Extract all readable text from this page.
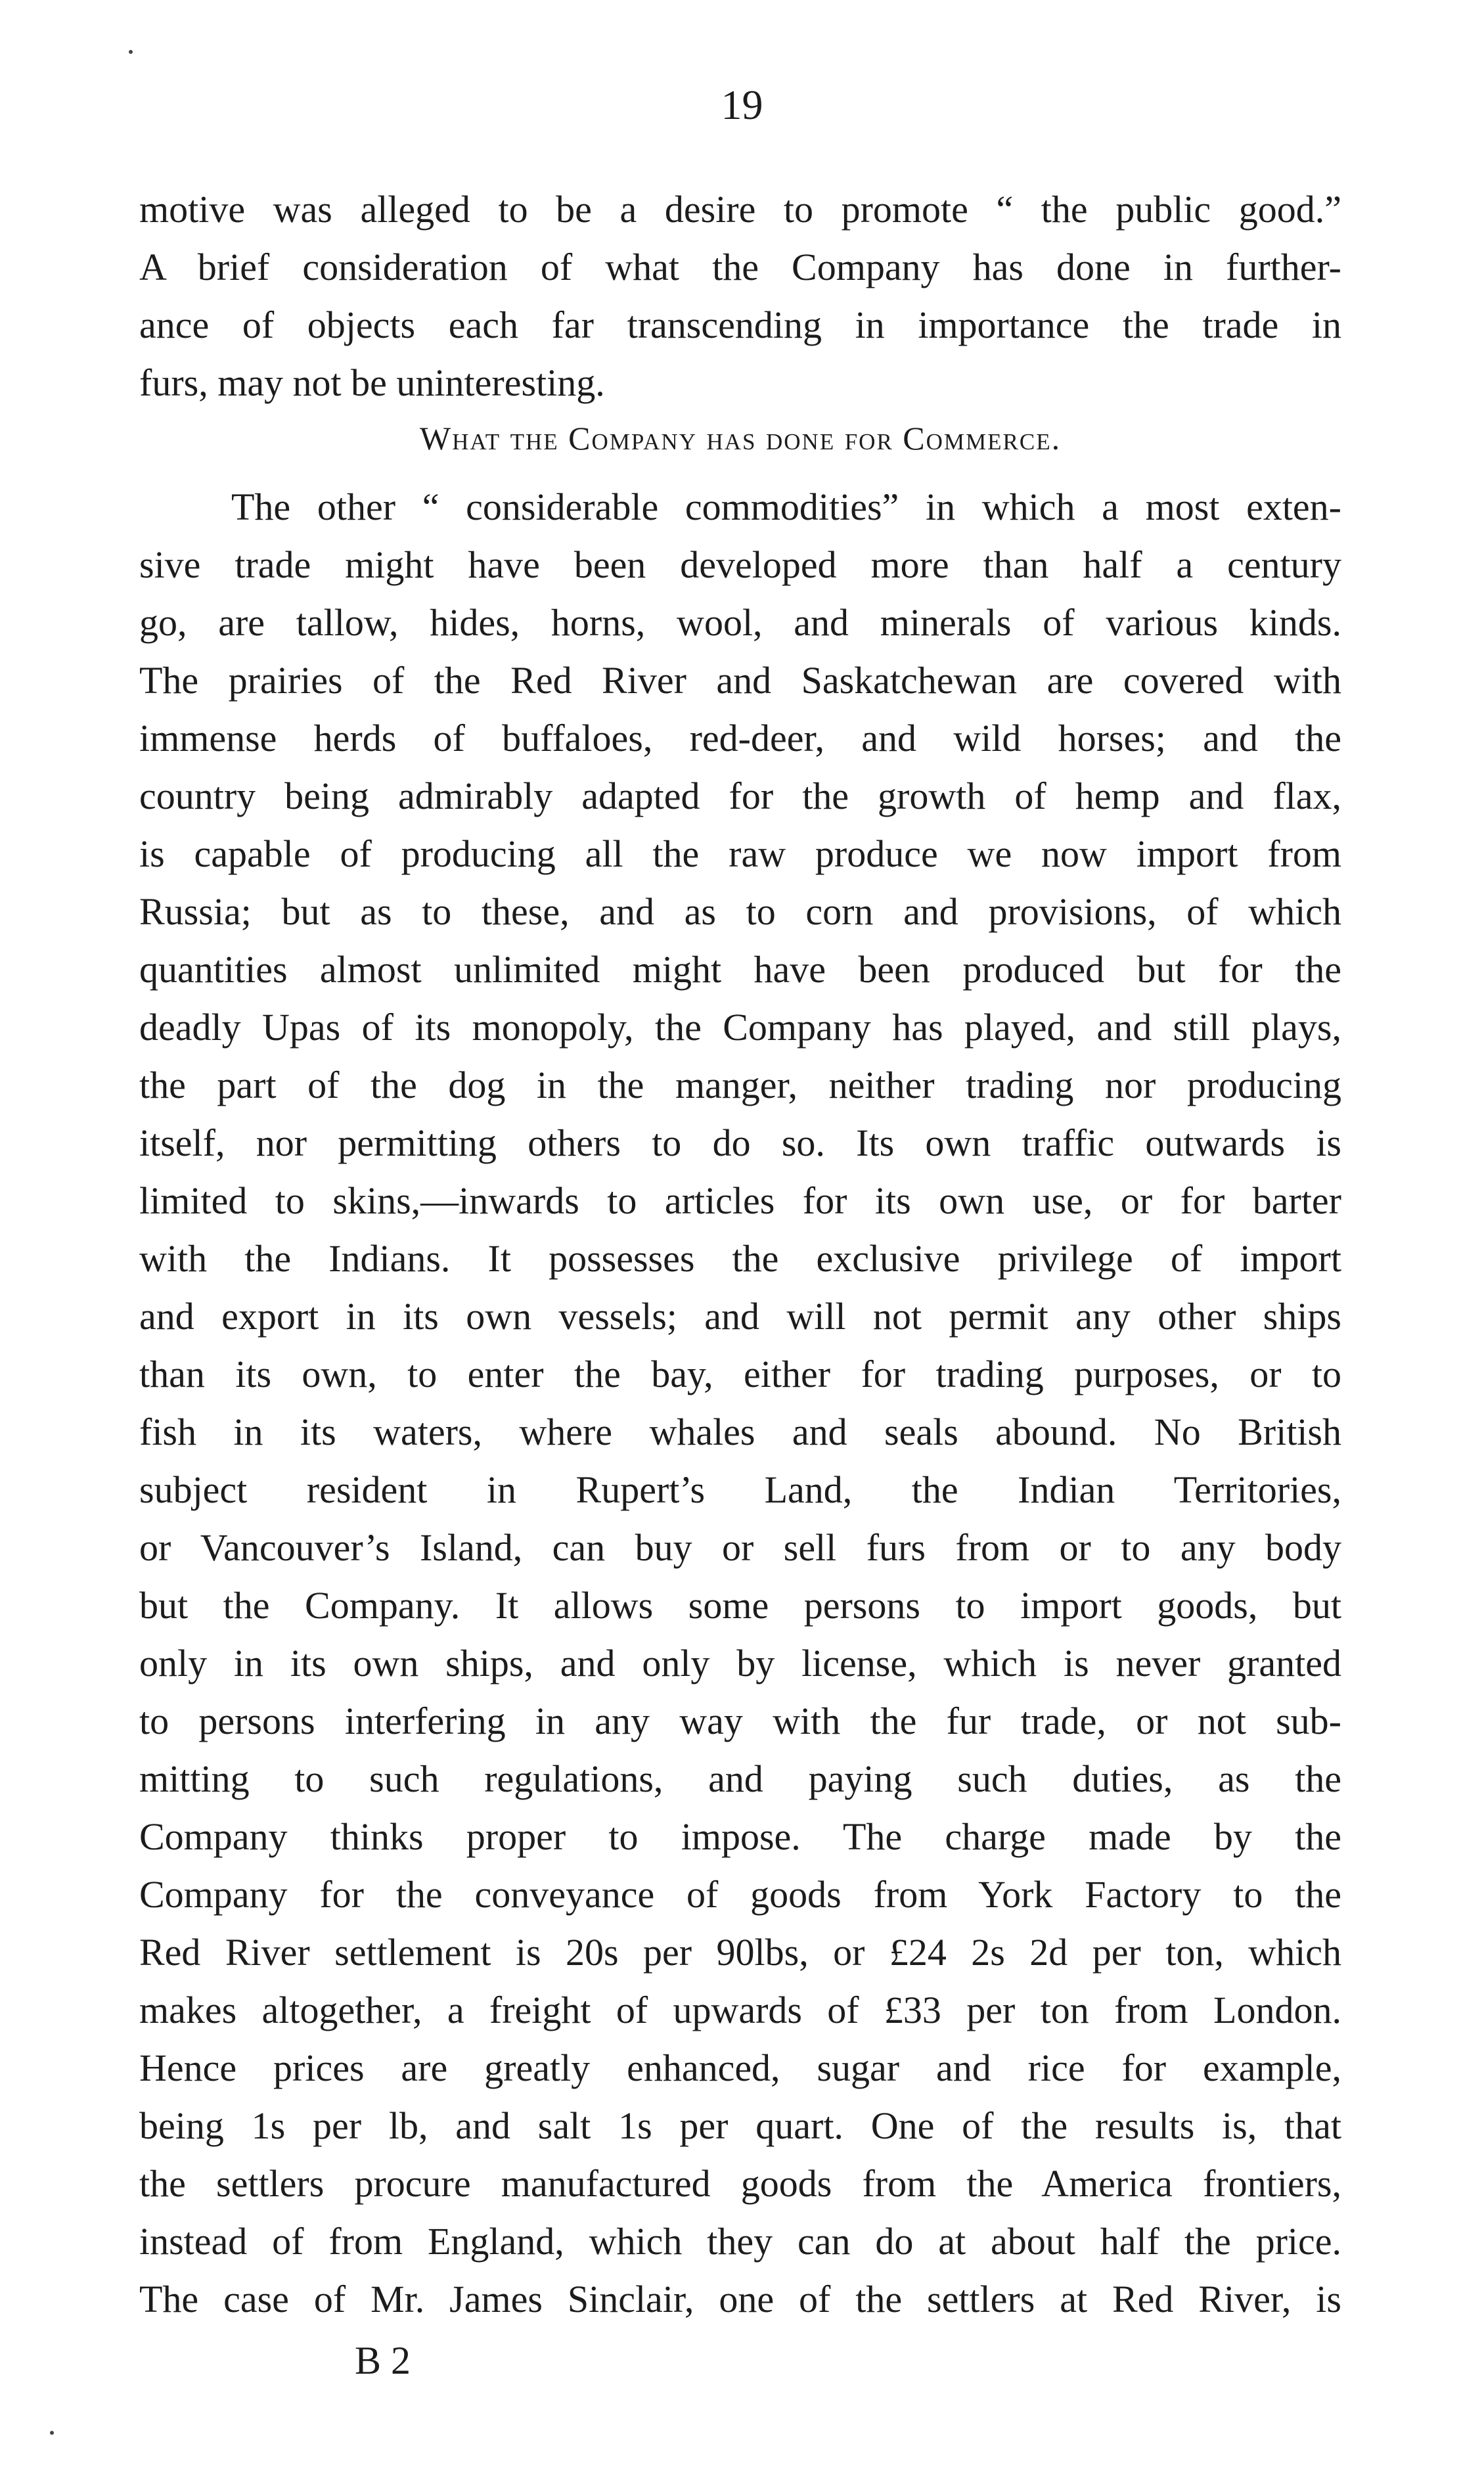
19
motive was alleged to be a desire to promote “ the public good.”
A brief consideration of what the Company has done in further-
ance of objects each far transcending in importance the trade in
furs, may not be uninteresting.
What the Company has done for Commerce.
The other “ considerable commodities” in which a most exten-
sive trade might have been developed more than half a century
go, are tallow, hides, horns, wool, and minerals of various kinds.
The prairies of the Red River and Saskatchewan are covered with
immense herds of buffaloes, red-deer, and wild horses; and the
country being admirably adapted for the growth of hemp and flax,
is capable of producing all the raw produce we now import from
Russia; but as to these, and as to corn and provisions, of which
quantities almost unlimited might have been produced but for the
deadly Upas of its monopoly, the Company has played, and still plays,
the part of the dog in the manger, neither trading nor producing
itself, nor permitting others to do so. Its own traffic outwards is
limited to skins,—inwards to articles for its own use, or for barter
with the Indians. It possesses the exclusive privilege of import
and export in its own vessels; and will not permit any other ships
than its own, to enter the bay, either for trading purposes, or to
fish in its waters, where whales and seals abound. No British
subject resident in Rupert’s Land, the Indian Territories,
or Vancouver’s Island, can buy or sell furs from or to any body
but the Company. It allows some persons to import goods, but
only in its own ships, and only by license, which is never granted
to persons interfering in any way with the fur trade, or not sub-
mitting to such regulations, and paying such duties, as the
Company thinks proper to impose. The charge made by the
Company for the conveyance of goods from York Factory to the
Red River settlement is 20s per 90lbs, or £24 2s 2d per ton, which
makes altogether, a freight of upwards of £33 per ton from London.
Hence prices are greatly enhanced, sugar and rice for example,
being 1s per lb, and salt 1s per quart. One of the results is, that
the settlers procure manufactured goods from the America frontiers,
instead of from England, which they can do at about half the price.
The case of Mr. James Sinclair, one of the settlers at Red River, is
B 2
